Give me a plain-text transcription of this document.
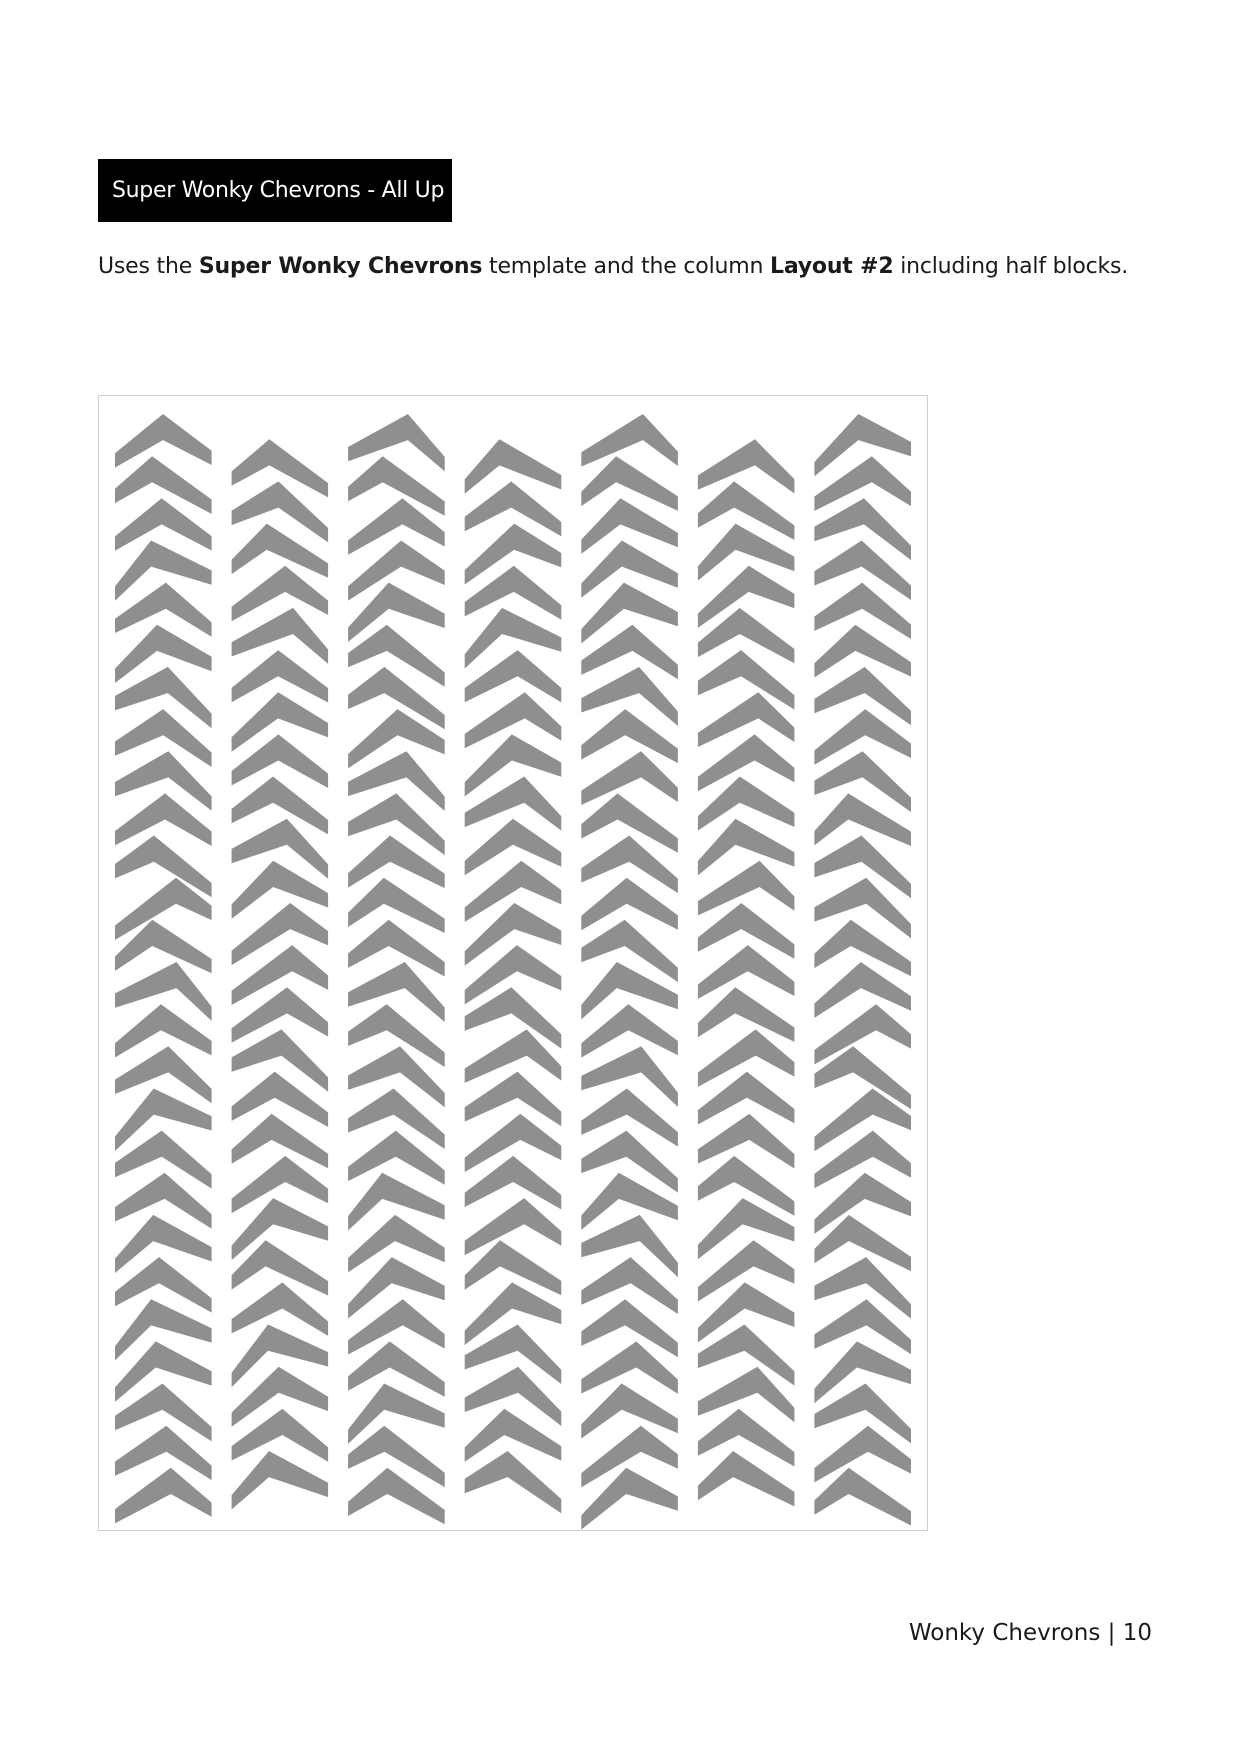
Super Wonky Chevrons - All Up
Uses the Super Wonky Chevrons template and the column Layout #2 including half blocks.
Wonky Chevrons | 10
